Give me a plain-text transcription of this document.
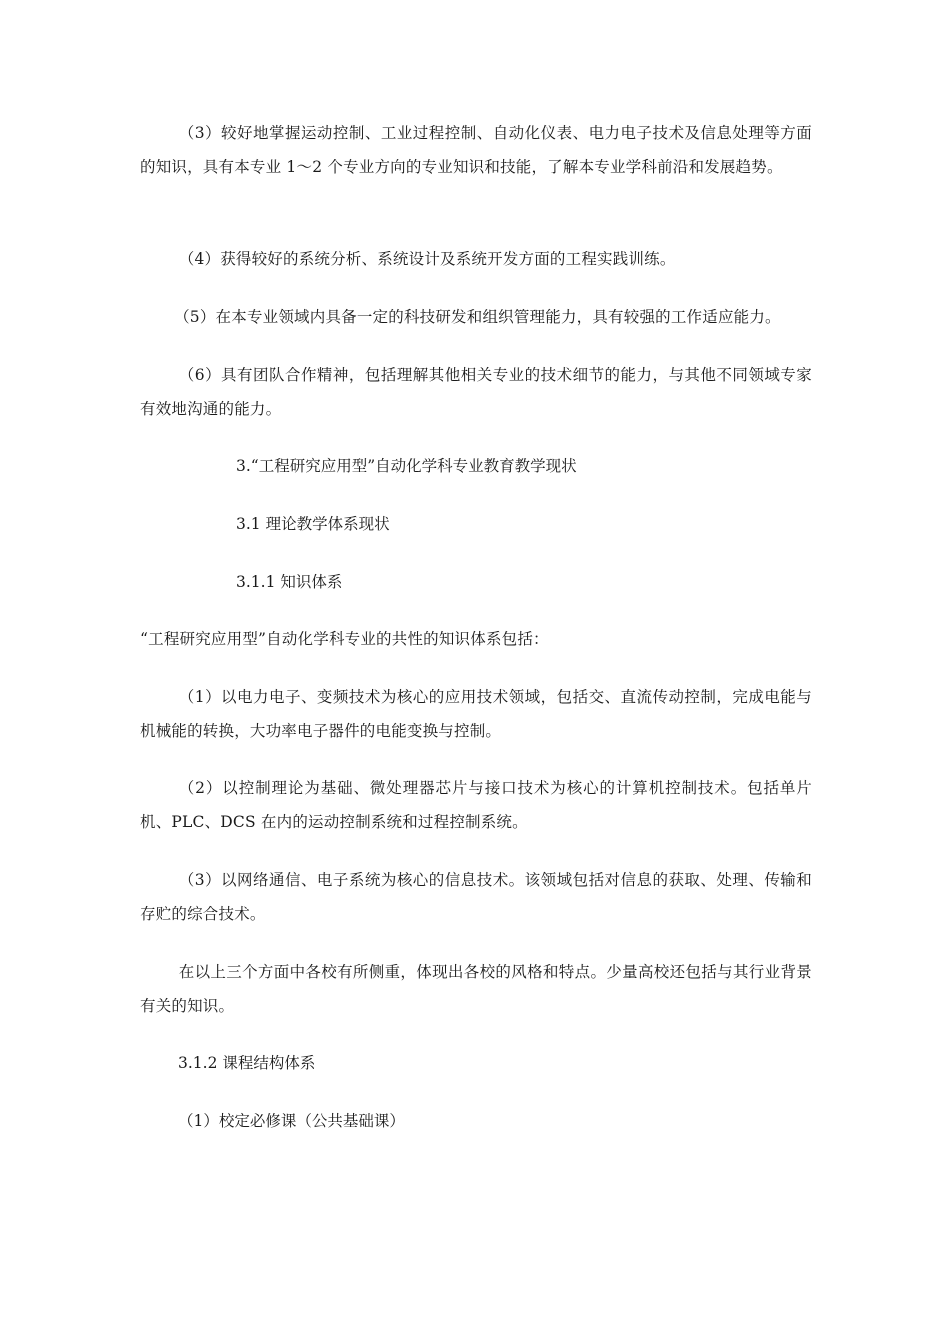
（3）较好地掌握运动控制、工业过程控制、自动化仪表、电力电子技术及信息处理等方面的知识，具有本专业 1～2 个专业方向的专业知识和技能，了解本专业学科前沿和发展趋势。

（4）获得较好的系统分析、系统设计及系统开发方面的工程实践训练。

（5）在本专业领域内具备一定的科技研发和组织管理能力，具有较强的工作适应能力。

（6）具有团队合作精神，包括理解其他相关专业的技术细节的能力，与其他不同领域专家有效地沟通的能力。

3.“工程研究应用型”自动化学科专业教育教学现状
3.1 理论教学体系现状
3.1.1 知识体系

“工程研究应用型”自动化学科专业的共性的知识体系包括：

（1）以电力电子、变频技术为核心的应用技术领域，包括交、直流传动控制，完成电能与机械能的转换，大功率电子器件的电能变换与控制。

（2）以控制理论为基础、微处理器芯片与接口技术为核心的计算机控制技术。包括单片机、PLC、DCS 在内的运动控制系统和过程控制系统。

（3）以网络通信、电子系统为核心的信息技术。该领域包括对信息的获取、处理、传输和存贮的综合技术。

在以上三个方面中各校有所侧重，体现出各校的风格和特点。少量高校还包括与其行业背景有关的知识。

3.1.2 课程结构体系
（1）校定必修课（公共基础课）
